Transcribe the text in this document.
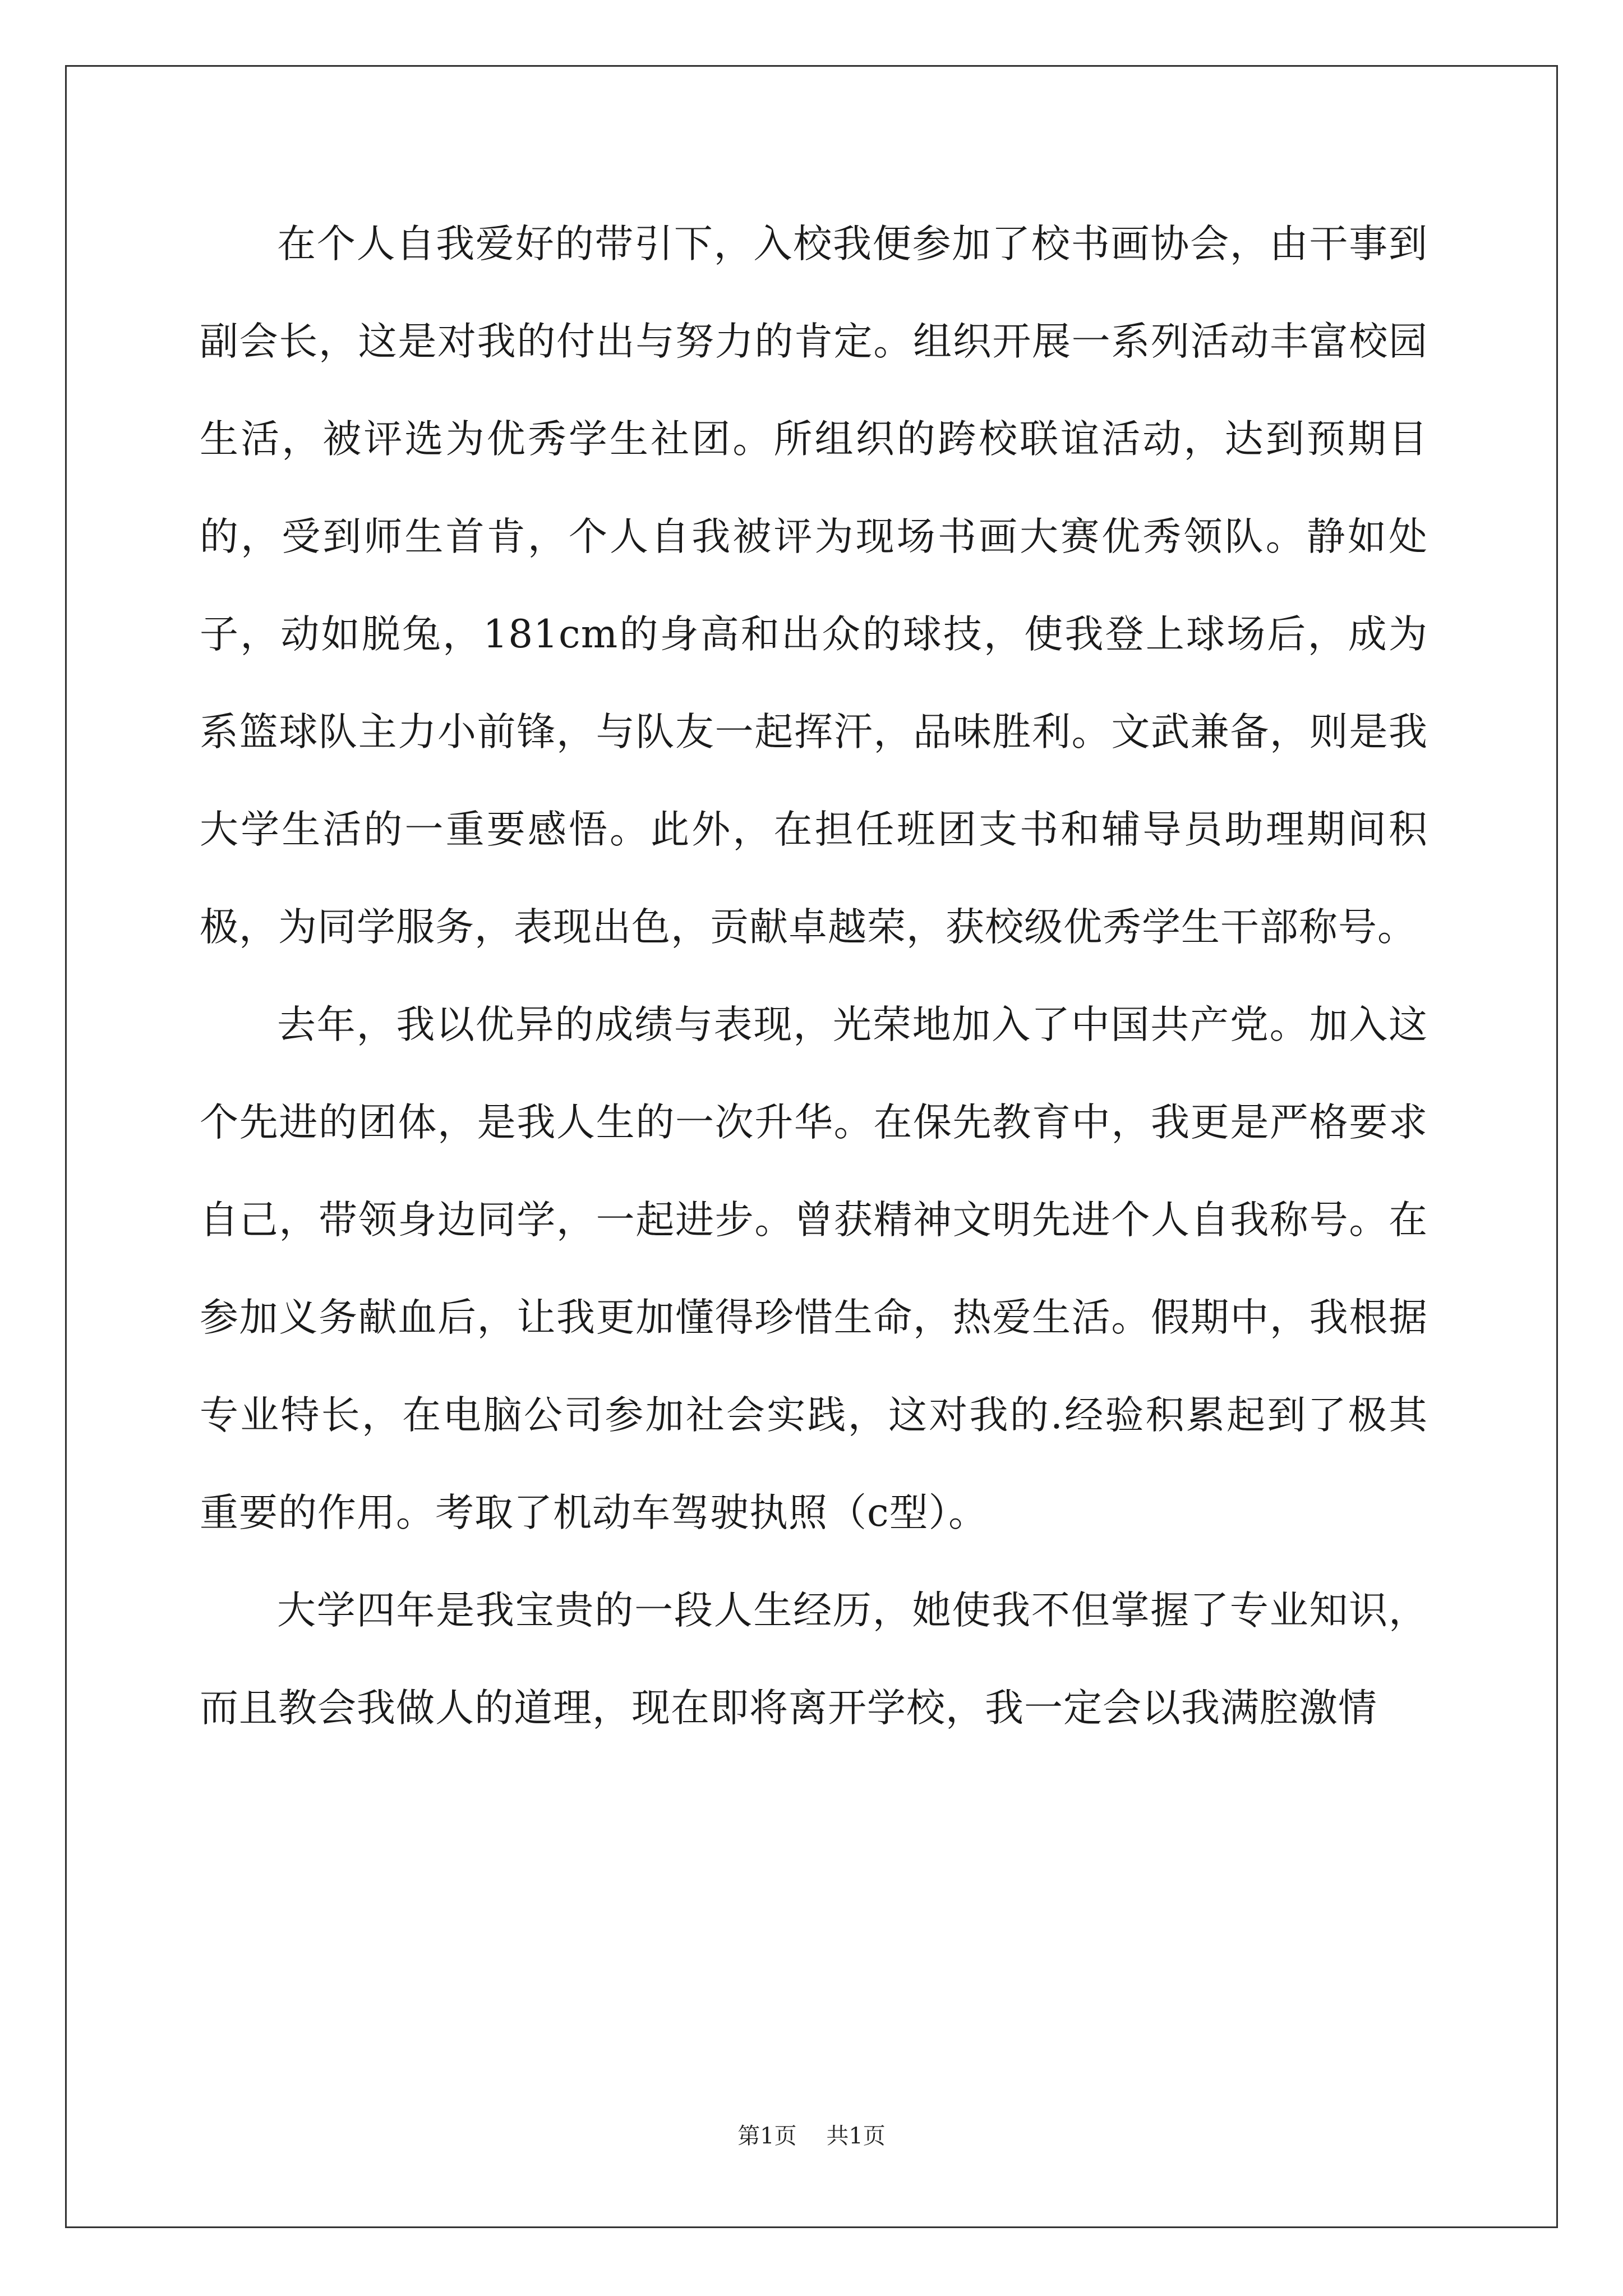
在个人自我爱好的带引下，入校我便参加了校书画协会，由干事到副会长，这是对我的付出与努力的肯定。组织开展一系列活动丰富校园生活，被评选为优秀学生社团。所组织的跨校联谊活动，达到预期目的，受到师生首肯，个人自我被评为现场书画大赛优秀领队。静如处子，动如脱兔，181cm的身高和出众的球技，使我登上球场后，成为系篮球队主力小前锋，与队友一起挥汗，品味胜利。文武兼备，则是我大学生活的一重要感悟。此外，在担任班团支书和辅导员助理期间积极，为同学服务，表现出色，贡献卓越荣，获校级优秀学生干部称号。

去年，我以优异的成绩与表现，光荣地加入了中国共产党。加入这个先进的团体，是我人生的一次升华。在保先教育中，我更是严格要求自己，带领身边同学，一起进步。曾获精神文明先进个人自我称号。在参加义务献血后，让我更加懂得珍惜生命，热爱生活。假期中，我根据专业特长，在电脑公司参加社会实践，这对我的.经验积累起到了极其重要的作用。考取了机动车驾驶执照（c型）。

大学四年是我宝贵的一段人生经历，她使我不但掌握了专业知识，而且教会我做人的道理，现在即将离开学校，我一定会以我满腔激情

第1页 共1页
